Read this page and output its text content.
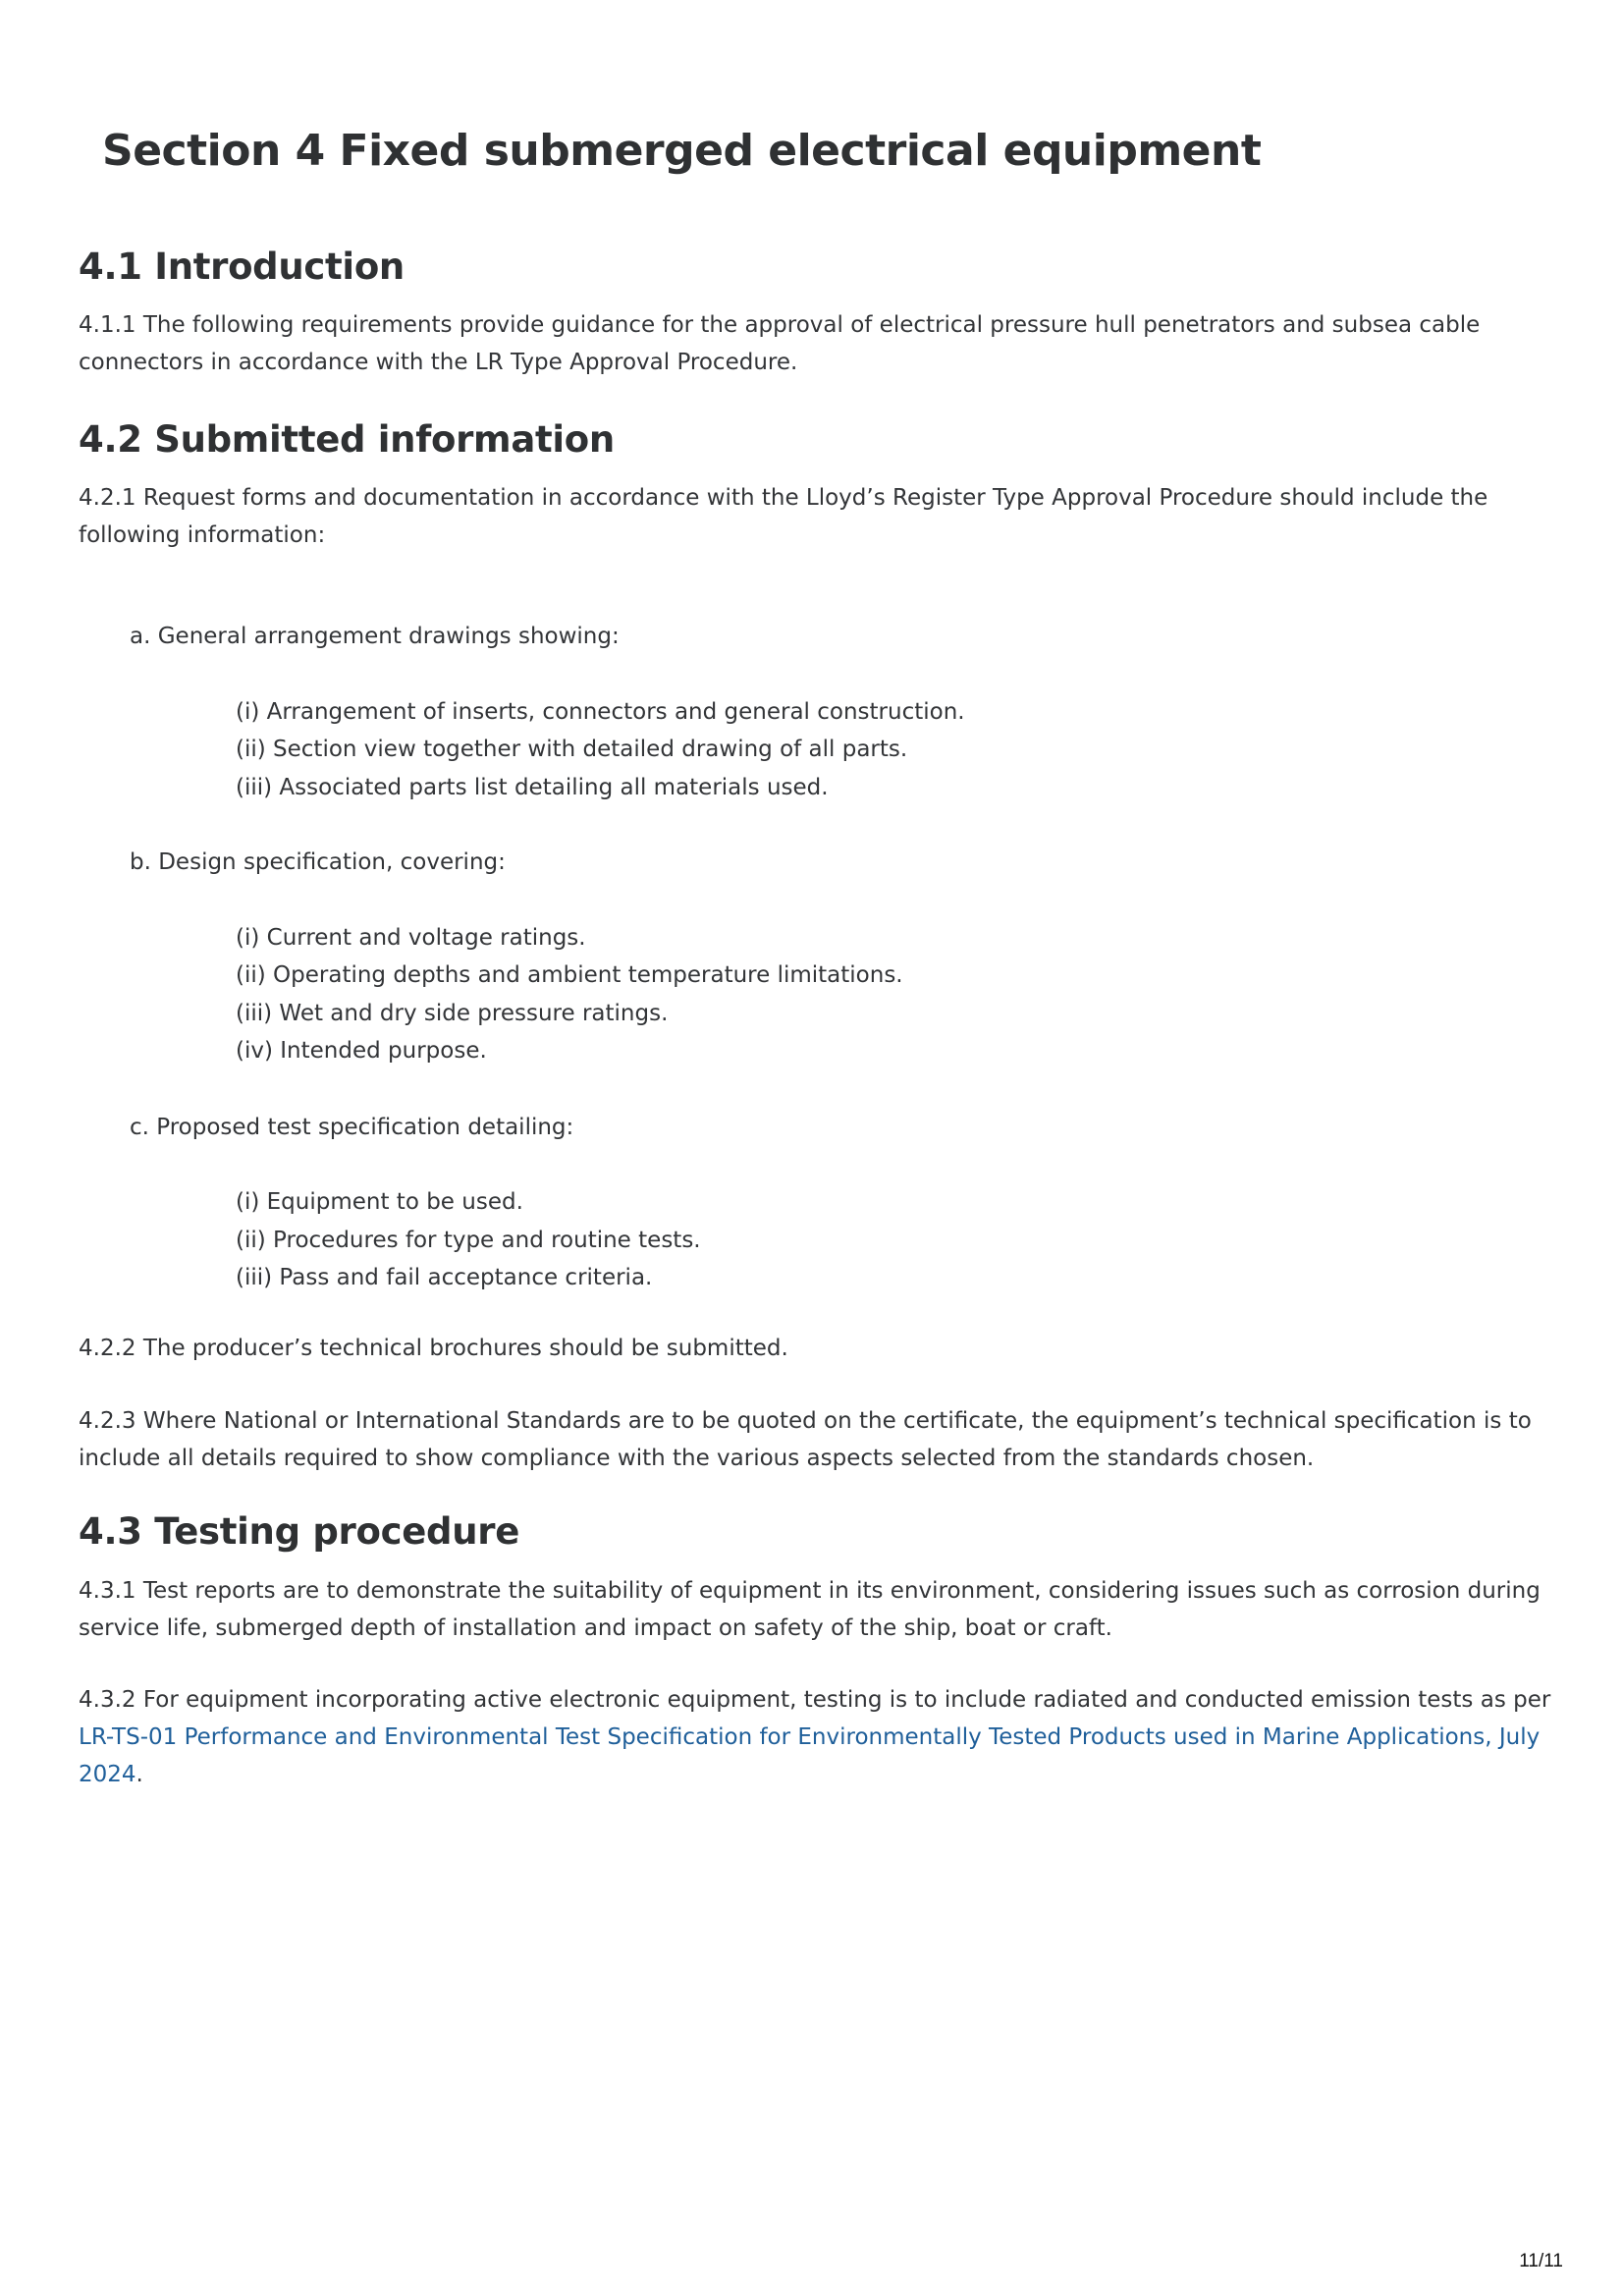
Section 4 Fixed submerged electrical equipment
4.1 Introduction

4.1.1 The following requirements provide guidance for the approval of electrical pressure hull penetrators and subsea cable connectors in accordance with the LR Type Approval Procedure.

4.2 Submitted information

4.2.1 Request forms and documentation in accordance with the Lloyd’s Register Type Approval Procedure should include the following information:

a. General arrangement drawings showing:
(i) Arrangement of inserts, connectors and general construction.
(ii) Section view together with detailed drawing of all parts.
(iii) Associated parts list detailing all materials used.
b. Design specification, covering:
(i) Current and voltage ratings.
(ii) Operating depths and ambient temperature limitations.
(iii) Wet and dry side pressure ratings.
(iv) Intended purpose.
c. Proposed test specification detailing:
(i) Equipment to be used.
(ii) Procedures for type and routine tests.
(iii) Pass and fail acceptance criteria.

4.2.2 The producer’s technical brochures should be submitted.

4.2.3 Where National or International Standards are to be quoted on the certificate, the equipment’s technical specification is to include all details required to show compliance with the various aspects selected from the standards chosen.

4.3 Testing procedure

4.3.1 Test reports are to demonstrate the suitability of equipment in its environment, considering issues such as corrosion during service life, submerged depth of installation and impact on safety of the ship, boat or craft.

4.3.2 For equipment incorporating active electronic equipment, testing is to include radiated and conducted emission tests as per LR-TS-01 Performance and Environmental Test Specification for Environmentally Tested Products used in Marine Applications, July 2024.

11/11
